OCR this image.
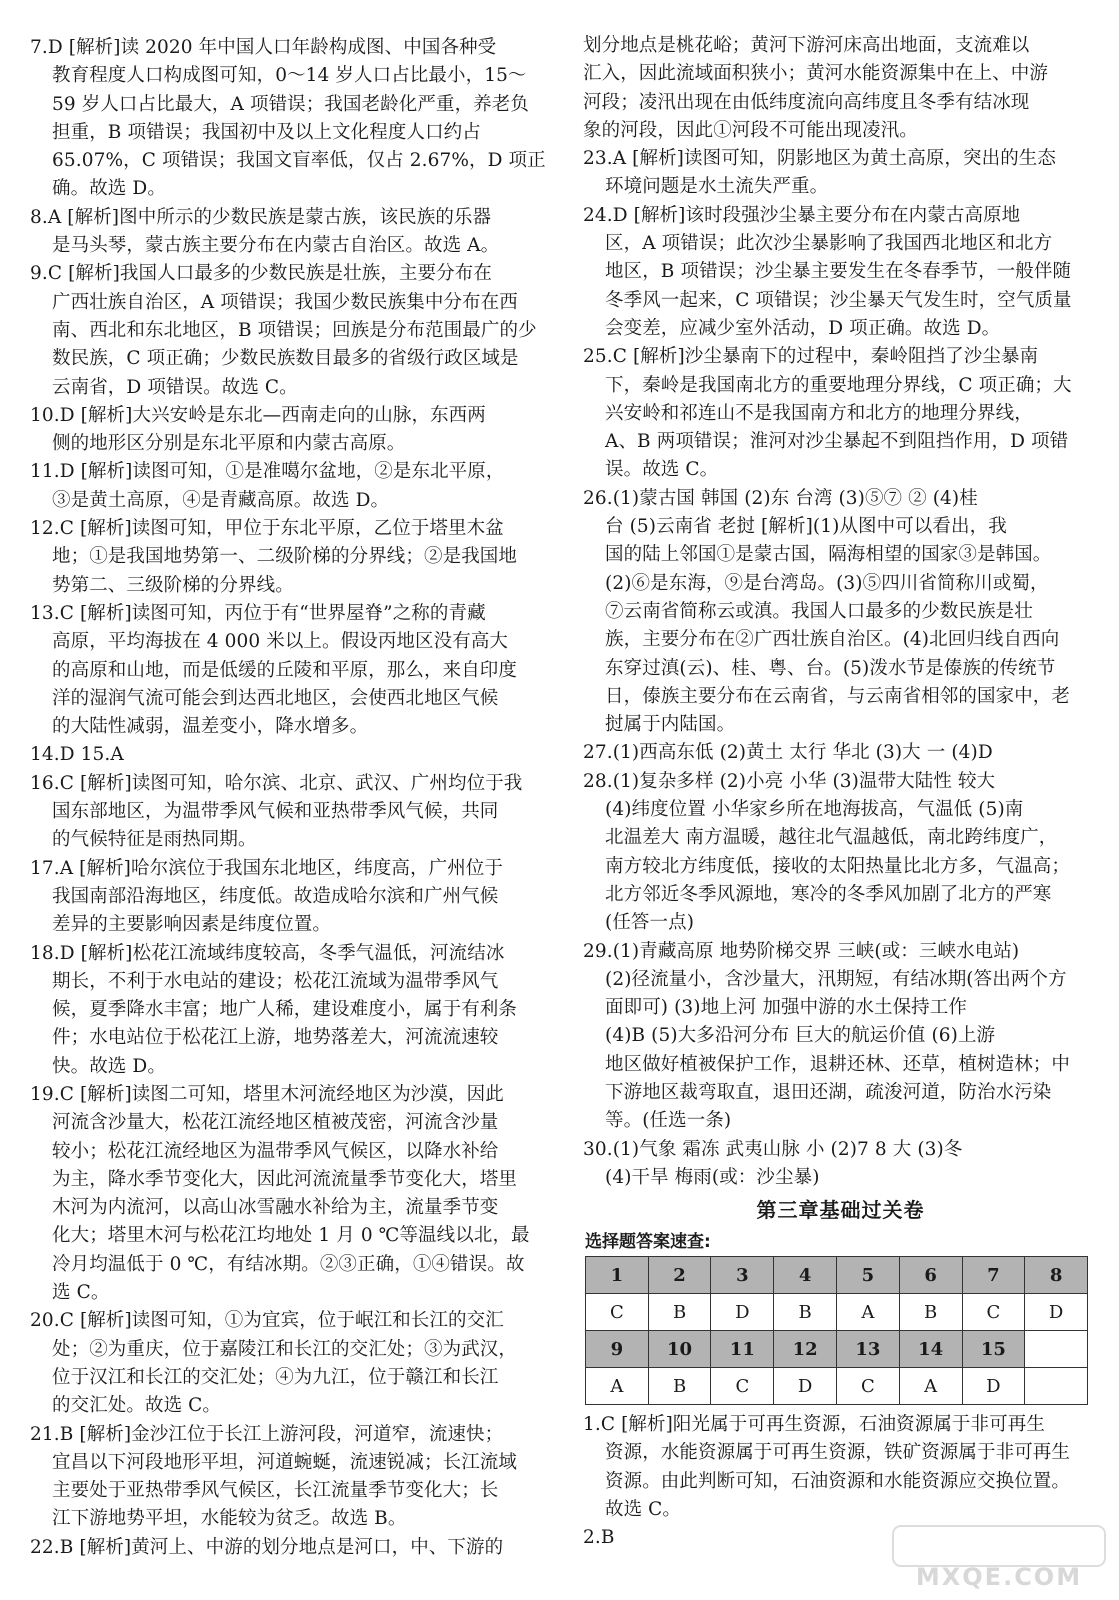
7.D [解析]读 2020 年中国人口年龄构成图、中国各种受
教育程度人口构成图可知，0～14 岁人口占比最小，15～
59 岁人口占比最大，A 项错误；我国老龄化严重，养老负
担重，B 项错误；我国初中及以上文化程度人口约占
65.07%，C 项错误；我国文盲率低，仅占 2.67%，D 项正
确。故选 D。
8.A [解析]图中所示的少数民族是蒙古族，该民族的乐器
是马头琴，蒙古族主要分布在内蒙古自治区。故选 A。
9.C [解析]我国人口最多的少数民族是壮族，主要分布在
广西壮族自治区，A 项错误；我国少数民族集中分布在西
南、西北和东北地区，B 项错误；回族是分布范围最广的少
数民族，C 项正确；少数民族数目最多的省级行政区域是
云南省，D 项错误。故选 C。
10.D [解析]大兴安岭是东北—西南走向的山脉，东西两
侧的地形区分别是东北平原和内蒙古高原。
11.D [解析]读图可知，①是准噶尔盆地，②是东北平原，
③是黄土高原，④是青藏高原。故选 D。
12.C [解析]读图可知，甲位于东北平原，乙位于塔里木盆
地；①是我国地势第一、二级阶梯的分界线；②是我国地
势第二、三级阶梯的分界线。
13.C [解析]读图可知，丙位于有“世界屋脊”之称的青藏
高原，平均海拔在 4 000 米以上。假设丙地区没有高大
的高原和山地，而是低缓的丘陵和平原，那么，来自印度
洋的湿润气流可能会到达西北地区，会使西北地区气候
的大陆性减弱，温差变小，降水增多。
14.D 15.A
16.C [解析]读图可知，哈尔滨、北京、武汉、广州均位于我
国东部地区，为温带季风气候和亚热带季风气候，共同
的气候特征是雨热同期。
17.A [解析]哈尔滨位于我国东北地区，纬度高，广州位于
我国南部沿海地区，纬度低。故造成哈尔滨和广州气候
差异的主要影响因素是纬度位置。
18.D [解析]松花江流域纬度较高，冬季气温低，河流结冰
期长，不利于水电站的建设；松花江流域为温带季风气
候，夏季降水丰富；地广人稀，建设难度小，属于有利条
件；水电站位于松花江上游，地势落差大，河流流速较
快。故选 D。
19.C [解析]读图二可知，塔里木河流经地区为沙漠，因此
河流含沙量大，松花江流经地区植被茂密，河流含沙量
较小；松花江流经地区为温带季风气候区，以降水补给
为主，降水季节变化大，因此河流流量季节变化大，塔里
木河为内流河，以高山冰雪融水补给为主，流量季节变
化大；塔里木河与松花江均地处 1 月 0 ℃等温线以北，最
冷月均温低于 0 ℃，有结冰期。②③正确，①④错误。故
选 C。
20.C [解析]读图可知，①为宜宾，位于岷江和长江的交汇
处；②为重庆，位于嘉陵江和长江的交汇处；③为武汉，
位于汉江和长江的交汇处；④为九江，位于赣江和长江
的交汇处。故选 C。
21.B [解析]金沙江位于长江上游河段，河道窄，流速快；
宜昌以下河段地形平坦，河道蜿蜒，流速锐减；长江流域
主要处于亚热带季风气候区，长江流量季节变化大；长
江下游地势平坦，水能较为贫乏。故选 B。
22.B [解析]黄河上、中游的划分地点是河口，中、下游的
划分地点是桃花峪；黄河下游河床高出地面，支流难以
汇入，因此流域面积狭小；黄河水能资源集中在上、中游
河段；凌汛出现在由低纬度流向高纬度且冬季有结冰现
象的河段，因此①河段不可能出现凌汛。
23.A [解析]读图可知，阴影地区为黄土高原，突出的生态
环境问题是水土流失严重。
24.D [解析]该时段强沙尘暴主要分布在内蒙古高原地
区，A 项错误；此次沙尘暴影响了我国西北地区和北方
地区，B 项错误；沙尘暴主要发生在冬春季节，一般伴随
冬季风一起来，C 项错误；沙尘暴天气发生时，空气质量
会变差，应减少室外活动，D 项正确。故选 D。
25.C [解析]沙尘暴南下的过程中，秦岭阻挡了沙尘暴南
下，秦岭是我国南北方的重要地理分界线，C 项正确；大
兴安岭和祁连山不是我国南方和北方的地理分界线，
A、B 两项错误；淮河对沙尘暴起不到阻挡作用，D 项错
误。故选 C。
26.(1)蒙古国 韩国 (2)东 台湾 (3)⑤⑦ ② (4)桂
台 (5)云南省 老挝 [解析](1)从图中可以看出，我
国的陆上邻国①是蒙古国，隔海相望的国家③是韩国。
(2)⑥是东海，⑨是台湾岛。(3)⑤四川省简称川或蜀，
⑦云南省简称云或滇。我国人口最多的少数民族是壮
族，主要分布在②广西壮族自治区。(4)北回归线自西向
东穿过滇(云)、桂、粤、台。(5)泼水节是傣族的传统节
日，傣族主要分布在云南省，与云南省相邻的国家中，老
挝属于内陆国。
27.(1)西高东低 (2)黄土 太行 华北 (3)大 一 (4)D
28.(1)复杂多样 (2)小亮 小华 (3)温带大陆性 较大
(4)纬度位置 小华家乡所在地海拔高，气温低 (5)南
北温差大 南方温暖，越往北气温越低，南北跨纬度广，
南方较北方纬度低，接收的太阳热量比北方多，气温高；
北方邻近冬季风源地，寒冷的冬季风加剧了北方的严寒
(任答一点)
29.(1)青藏高原 地势阶梯交界 三峡(或：三峡水电站)
(2)径流量小，含沙量大，汛期短，有结冰期(答出两个方
面即可) (3)地上河 加强中游的水土保持工作
(4)B (5)大多沿河分布 巨大的航运价值 (6)上游
地区做好植被保护工作，退耕还林、还草，植树造林；中
下游地区裁弯取直，退田还湖，疏浚河道，防治水污染
等。(任选一条)
30.(1)气象 霜冻 武夷山脉 小 (2)7 8 大 (3)冬
(4)干旱 梅雨(或：沙尘暴)
第三章基础过关卷
选择题答案速查:
1	2	3	4	5	6	7	8
C	B	D	B	A	B	C	D
9	10	11	12	13	14	15	
A	B	C	D	C	A	D	
1.C [解析]阳光属于可再生资源，石油资源属于非可再生
资源，水能资源属于可再生资源，铁矿资源属于非可再生
资源。由此判断可知，石油资源和水能资源应交换位置。
故选 C。
2.B
MXQE.COM
